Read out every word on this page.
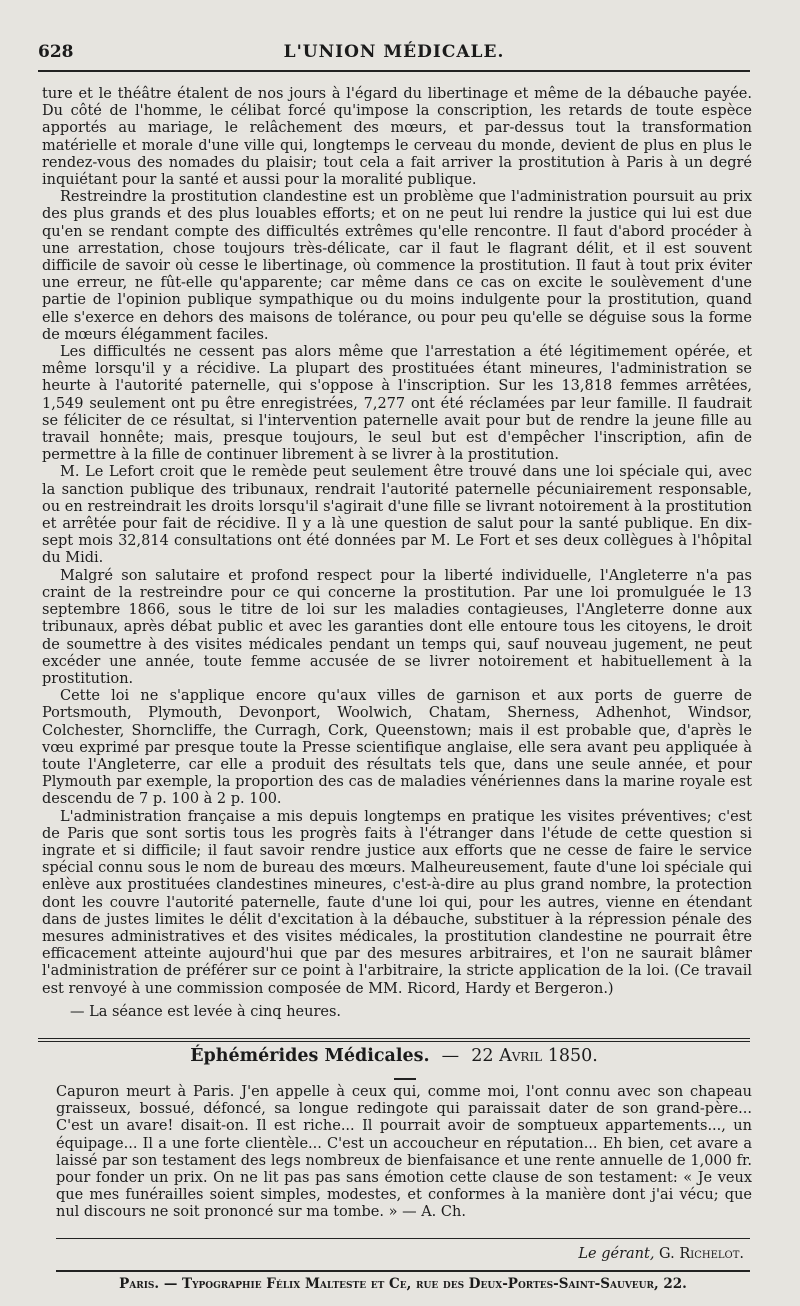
628	L'UNION MÉDICALE.

ture et le théâtre étalent de nos jours à l'égard du libertinage et même de la débauche payée. Du côté de l'homme, le célibat forcé qu'impose la conscription, les retards de toute espèce apportés au mariage, le relâchement des mœurs, et par-dessus tout la transformation matérielle et morale d'une ville qui, longtemps le cerveau du monde, devient de plus en plus le rendez-vous des nomades du plaisir; tout cela a fait arriver la prostitution à Paris à un degré inquiétant pour la santé et aussi pour la moralité publique.

Restreindre la prostitution clandestine est un problème que l'administration poursuit au prix des plus grands et des plus louables efforts; et on ne peut lui rendre la justice qui lui est due qu'en se rendant compte des difficultés extrêmes qu'elle rencontre. Il faut d'abord procéder à une arrestation, chose toujours très-délicate, car il faut le flagrant délit, et il est souvent difficile de savoir où cesse le libertinage, où commence la prostitution. Il faut à tout prix éviter une erreur, ne fût-elle qu'apparente; car même dans ce cas on excite le soulèvement d'une partie de l'opinion publique sympathique ou du moins indulgente pour la prostitution, quand elle s'exerce en dehors des maisons de tolérance, ou pour peu qu'elle se déguise sous la forme de mœurs élégamment faciles.

Les difficultés ne cessent pas alors même que l'arrestation a été légitimement opérée, et même lorsqu'il y a récidive. La plupart des prostituées étant mineures, l'administration se heurte à l'autorité paternelle, qui s'oppose à l'inscription. Sur les 13,818 femmes arrêtées, 1,549 seulement ont pu être enregistrées, 7,277 ont été réclamées par leur famille. Il faudrait se féliciter de ce résultat, si l'intervention paternelle avait pour but de rendre la jeune fille au travail honnête; mais, presque toujours, le seul but est d'empêcher l'inscription, afin de permettre à la fille de continuer librement à se livrer à la prostitution.

M. Le Lefort croit que le remède peut seulement être trouvé dans une loi spéciale qui, avec la sanction publique des tribunaux, rendrait l'autorité paternelle pécuniairement responsable, ou en restreindrait les droits lorsqu'il s'agirait d'une fille se livrant notoirement à la prostitution et arrêtée pour fait de récidive. Il y a là une question de salut pour la santé publique. En dix-sept mois 32,814 consultations ont été données par M. Le Fort et ses deux collègues à l'hôpital du Midi.

Malgré son salutaire et profond respect pour la liberté individuelle, l'Angleterre n'a pas craint de la restreindre pour ce qui concerne la prostitution. Par une loi promulguée le 13 septembre 1866, sous le titre de loi sur les maladies contagieuses, l'Angleterre donne aux tribunaux, après débat public et avec les garanties dont elle entoure tous les citoyens, le droit de soumettre à des visites médicales pendant un temps qui, sauf nouveau jugement, ne peut excéder une année, toute femme accusée de se livrer notoirement et habituellement à la prostitution.

Cette loi ne s'applique encore qu'aux villes de garnison et aux ports de guerre de Portsmouth, Plymouth, Devonport, Woolwich, Chatam, Sherness, Adhenhot, Windsor, Colchester, Shorncliffe, the Curragh, Cork, Queenstown; mais il est probable que, d'après le vœu exprimé par presque toute la Presse scientifique anglaise, elle sera avant peu appliquée à toute l'Angleterre, car elle a produit des résultats tels que, dans une seule année, et pour Plymouth par exemple, la proportion des cas de maladies vénériennes dans la marine royale est descendu de 7 p. 100 à 2 p. 100.

L'administration française a mis depuis longtemps en pratique les visites préventives; c'est de Paris que sont sortis tous les progrès faits à l'étranger dans l'étude de cette question si ingrate et si difficile; il faut savoir rendre justice aux efforts que ne cesse de faire le service spécial connu sous le nom de bureau des mœurs. Malheureusement, faute d'une loi spéciale qui enlève aux prostituées clandestines mineures, c'est-à-dire au plus grand nombre, la protection dont les couvre l'autorité paternelle, faute d'une loi qui, pour les autres, vienne en étendant dans de justes limites le délit d'excitation à la débauche, substituer à la répression pénale des mesures administratives et des visites médicales, la prostitution clandestine ne pourrait être efficacement atteinte aujourd'hui que par des mesures arbitraires, et l'on ne saurait blâmer l'administration de préférer sur ce point à l'arbitraire, la stricte application de la loi. (Ce travail est renvoyé à une commission composée de MM. Ricord, Hardy et Bergeron.)

— La séance est levée à cinq heures.

Éphémérides Médicales. — 22 Avril 1850.

Capuron meurt à Paris. J'en appelle à ceux qui, comme moi, l'ont connu avec son chapeau graisseux, bossué, défoncé, sa longue redingote qui paraissait dater de son grand-père... C'est un avare! disait-on. Il est riche... Il pourrait avoir de somptueux appartements..., un équipage... Il a une forte clientèle... C'est un accoucheur en réputation... Eh bien, cet avare a laissé par son testament des legs nombreux de bienfaisance et une rente annuelle de 1,000 fr. pour fonder un prix. On ne lit pas pas sans émotion cette clause de son testament: « Je veux que mes funérailles soient simples, modestes, et conformes à la manière dont j'ai vécu; que nul discours ne soit prononcé sur ma tombe. » — A. Ch.

Le gérant, G. Richelot.
Paris. — Typographie Félix Malteste et Ce, rue des Deux-Portes-Saint-Sauveur, 22.
